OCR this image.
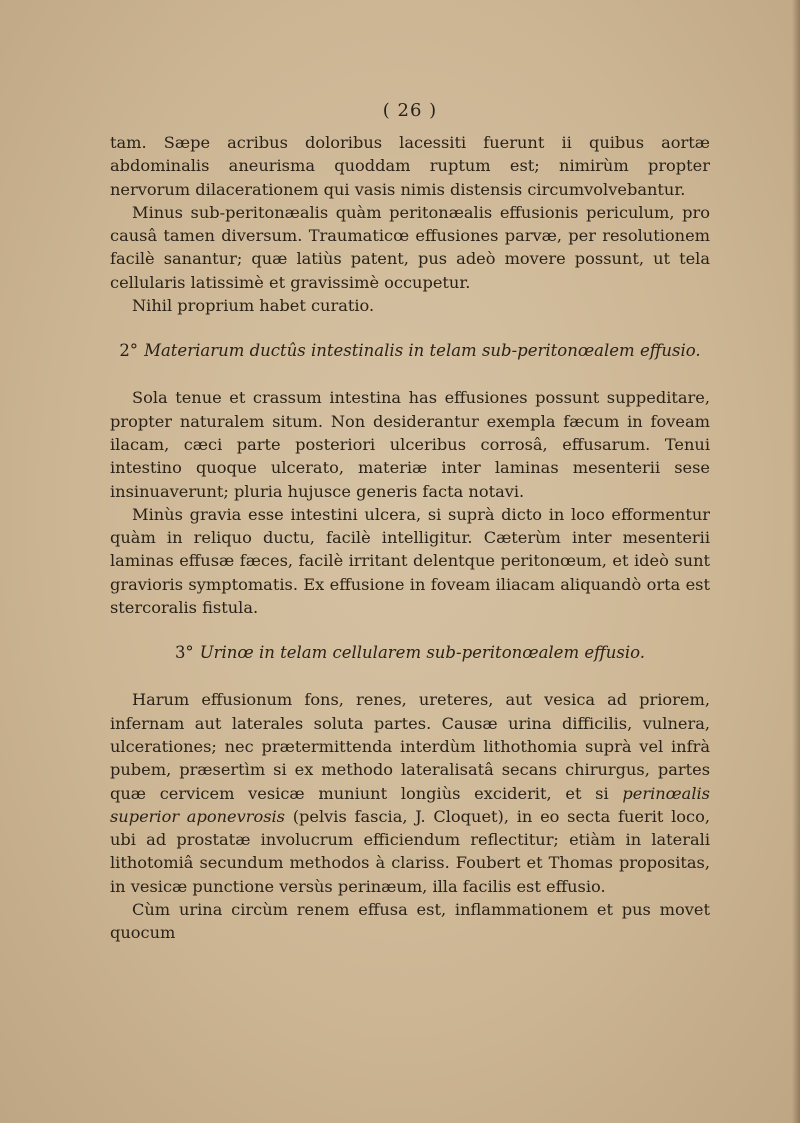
( 26 )

tam. Sæpe acribus doloribus lacessiti fuerunt ii quibus aortæ abdominalis aneurisma quoddam ruptum est; nimirùm propter nervorum dilacerationem qui vasis nimis distensis circumvolvebantur.

Minus sub-peritonæalis quàm peritonæalis effusionis periculum, pro causâ tamen diversum. Traumaticœ effusiones parvæ, per resolutionem facilè sanantur; quæ latiùs patent, pus adeò movere possunt, ut tela cellularis latissimè et gravissimè occupetur.

Nihil proprium habet curatio.

2° Materiarum ductûs intestinalis in telam sub-peritonœalem effusio.

Sola tenue et crassum intestina has effusiones possunt suppeditare, propter naturalem situm. Non desiderantur exempla fæcum in foveam ilacam, cæci parte posteriori ulceribus corrosâ, effusarum. Tenui intestino quoque ulcerato, materiæ inter laminas mesenterii sese insinuaverunt; pluria hujusce generis facta notavi.

Minùs gravia esse intestini ulcera, si suprà dicto in loco efformentur quàm in reliquo ductu, facilè intelligitur. Cæterùm inter mesenterii laminas effusæ fæces, facilè irritant delentque peritonœum, et ideò sunt gravioris symptomatis. Ex effusione in foveam iliacam aliquandò orta est stercoralis fistula.

3° Urinœ in telam cellularem sub-peritonœalem effusio.

Harum effusionum fons, renes, ureteres, aut vesica ad priorem, infernam aut laterales soluta partes. Causæ urina difficilis, vulnera, ulcerationes; nec prætermittenda interdùm lithothomia suprà vel infrà pubem, præsertìm si ex methodo lateralisatâ secans chirurgus, partes quæ cervicem vesicæ muniunt longiùs exciderit, et si perinœalis superior aponevrosis (pelvis fascia, J. Cloquet), in eo secta fuerit loco, ubi ad prostatæ involucrum efficiendum reflectitur; etiàm in laterali lithotomiâ secundum methodos à clariss. Foubert et Thomas propositas, in vesicæ punctione versùs perinæum, illa facilis est effusio.

Cùm urina circùm renem effusa est, inflammationem et pus movet quocum
